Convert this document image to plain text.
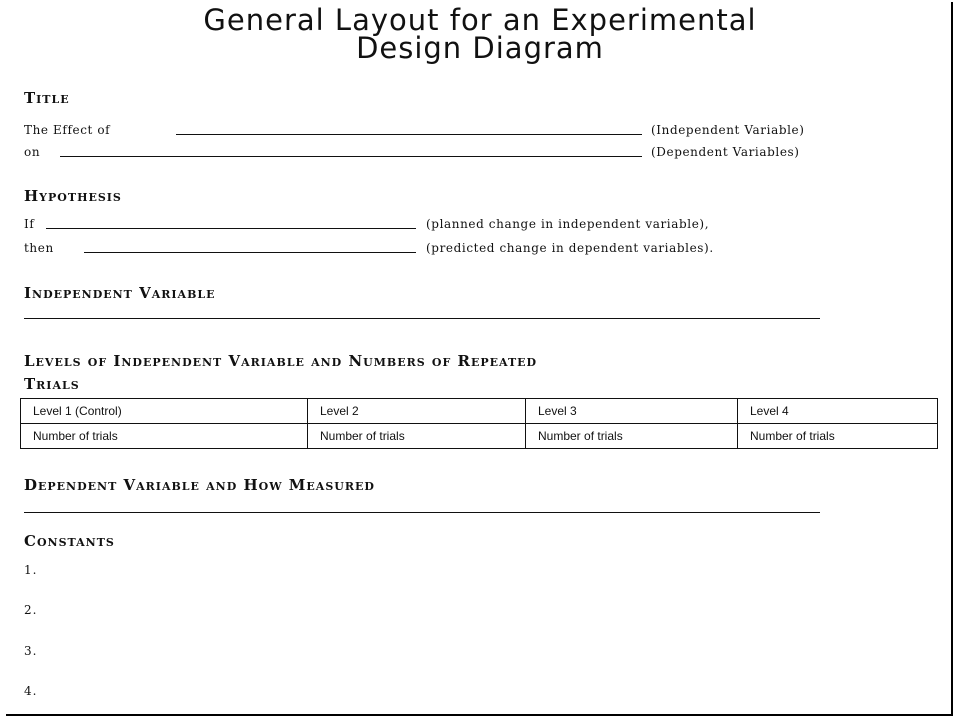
General Layout for an Experimental
Design Diagram
Title
The Effect of	(Independent Variable)
on	(Dependent Variables)
Hypothesis
If	(planned change in independent variable),
then	(predicted change in dependent variables).
Independent Variable
Levels of Independent Variable and Numbers of Repeated
Trials
Level 1 (Control)	Level 2	Level 3	Level 4
Number of trials	Number of trials	Number of trials	Number of trials
Dependent Variable and How Measured
Constants
1.
2.
3.
4.
